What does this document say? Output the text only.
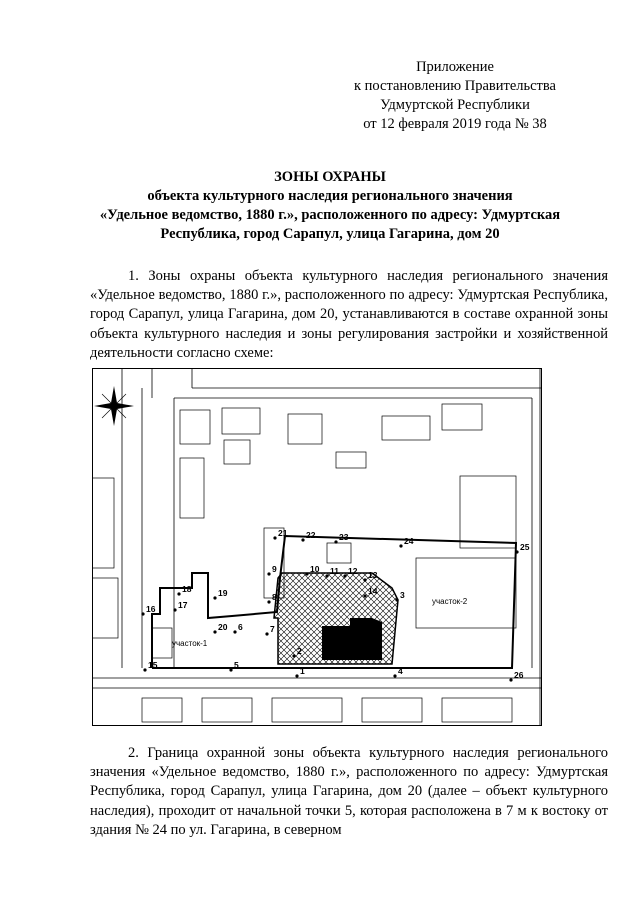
Приложение
к постановлению Правительства
Удмуртской Республики
от 12 февраля 2019 года № 38
ЗОНЫ ОХРАНЫ
объекта культурного наследия регионального значения
«Удельное ведомство, 1880 г.», расположенного по адресу: Удмуртская
Республика, город Сарапул, улица Гагарина, дом 20

1. Зоны охраны объекта культурного наследия регионального значения «Удельное ведомство, 1880 г.», расположенного по адресу: Удмуртская Республика, город Сарапул, улица Гагарина, дом 20, устанавливаются в составе охранной зоны объекта культурного наследия и зоны регулирования застройки и хозяйственной деятельности согласно схеме:

участок-1
участок-2
1
2
3
4
5
6	7
8
9	10 11 12 13
14
15
16	17
18	19
20
21 22	23	24
25
26

2. Граница охранной зоны объекта культурного наследия регионального значения «Удельное ведомство, 1880 г.», расположенного по адресу: Удмуртская Республика, город Сарапул, улица Гагарина, дом 20 (далее – объект культурного наследия), проходит от начальной точки 5, которая расположена в 7 м к востоку от здания № 24 по ул. Гагарина, в северном
